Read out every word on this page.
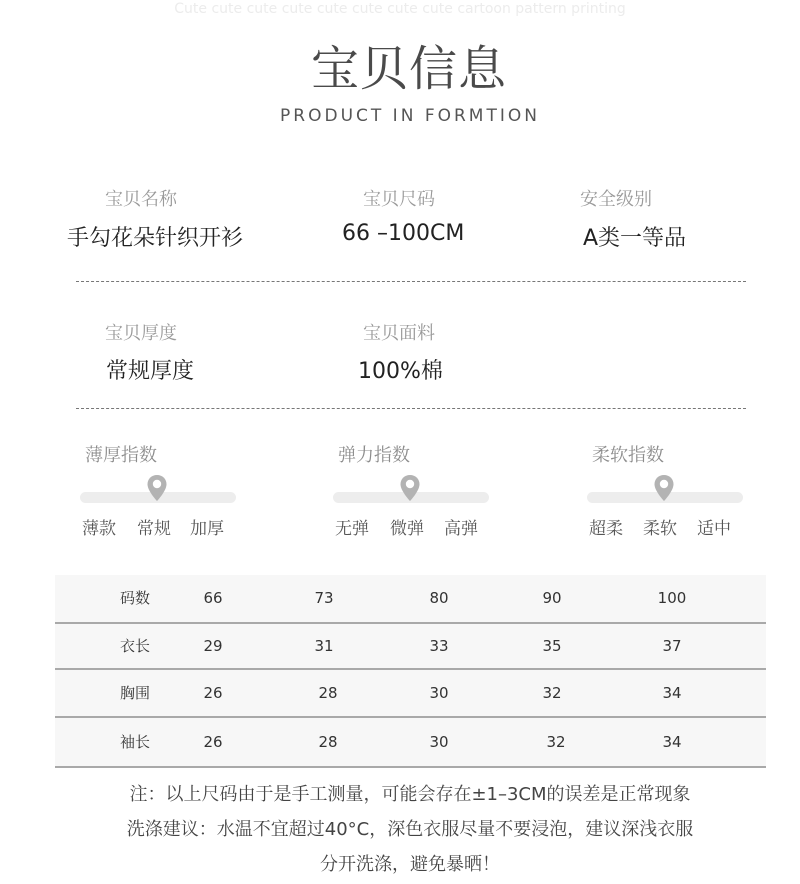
Cute cute cute cute cute cute cute cute cartoon pattern printing
宝贝信息
PRODUCT IN FORMTION
宝贝名称
手勾花朵针织开衫
宝贝尺码
66 –100CM
安全级别
A类一等品
宝贝厚度
常规厚度
宝贝面料
100%棉
薄厚指数
薄款 常规 加厚
弹力指数
无弹 微弹 高弹
柔软指数
超柔 柔软 适中
码数	66	73	80	90	100
衣长	29	31	33	35	37
胸围	26	28	30	32	34
袖长	26	28	30	32	34
注：以上尺码由于是手工测量，可能会存在±1–3CM的误差是正常现象
洗涤建议：水温不宜超过40°C，深色衣服尽量不要浸泡，建议深浅衣服
分开洗涤，避免暴晒！
